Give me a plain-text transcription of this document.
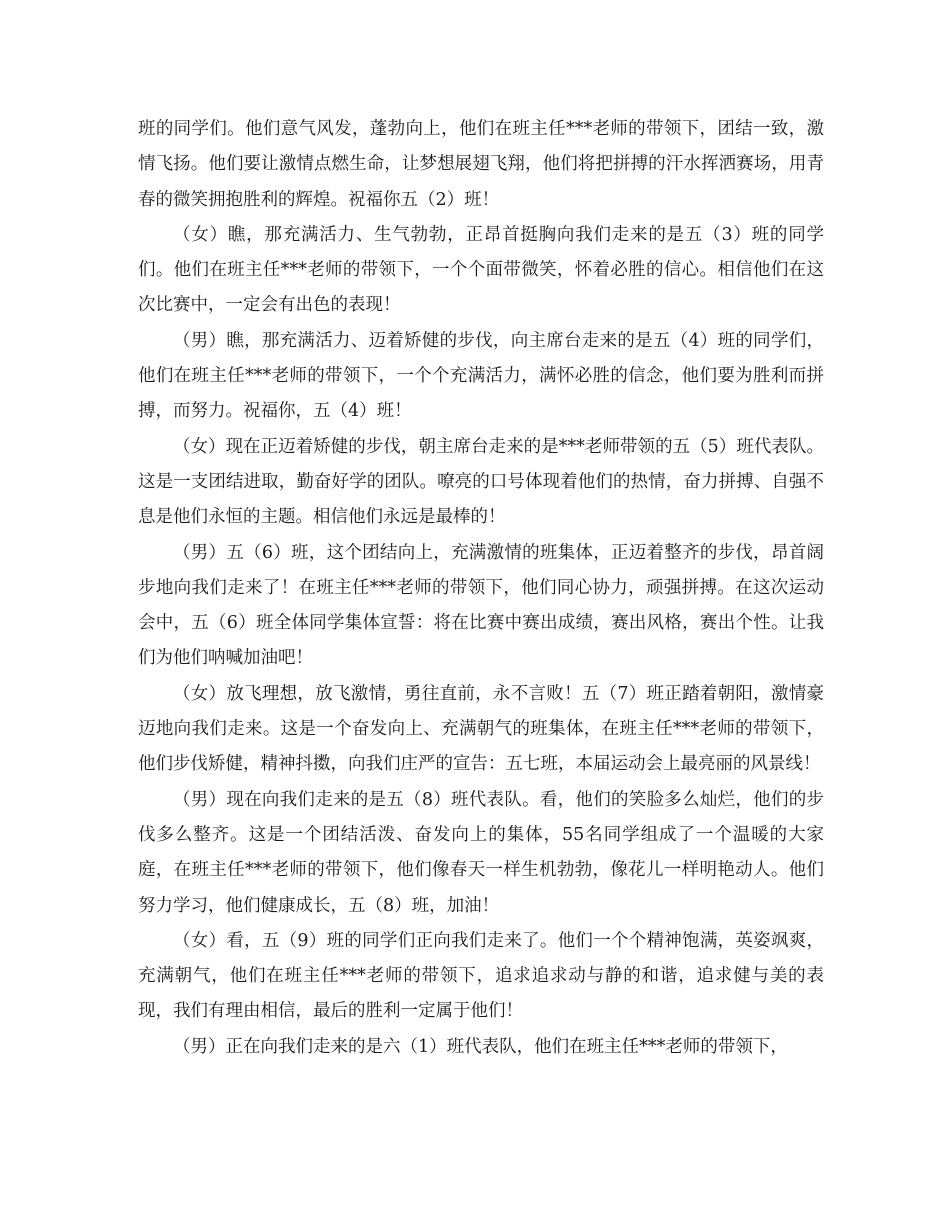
班的同学们。他们意气风发，蓬勃向上，他们在班主任***老师的带领下，团结一致，激情飞扬。他们要让激情点燃生命，让梦想展翅飞翔，他们将把拼搏的汗水挥洒赛场，用青春的微笑拥抱胜利的辉煌。祝福你五（2）班！

（女）瞧，那充满活力、生气勃勃，正昂首挺胸向我们走来的是五（3）班的同学们。他们在班主任***老师的带领下，一个个面带微笑，怀着必胜的信心。相信他们在这次比赛中，一定会有出色的表现！

（男）瞧，那充满活力、迈着矫健的步伐，向主席台走来的是五（4）班的同学们，他们在班主任***老师的带领下，一个个充满活力，满怀必胜的信念，他们要为胜利而拼搏，而努力。祝福你，五（4）班！

（女）现在正迈着矫健的步伐，朝主席台走来的是***老师带领的五（5）班代表队。这是一支团结进取，勤奋好学的团队。嘹亮的口号体现着他们的热情，奋力拼搏、自强不息是他们永恒的主题。相信他们永远是最棒的！

（男）五（6）班，这个团结向上，充满激情的班集体，正迈着整齐的步伐，昂首阔步地向我们走来了！在班主任***老师的带领下，他们同心协力，顽强拼搏。在这次运动会中，五（6）班全体同学集体宣誓：将在比赛中赛出成绩，赛出风格，赛出个性。让我们为他们呐喊加油吧！

（女）放飞理想，放飞激情，勇往直前，永不言败！五（7）班正踏着朝阳，激情豪迈地向我们走来。这是一个奋发向上、充满朝气的班集体，在班主任***老师的带领下，他们步伐矫健，精神抖擞，向我们庄严的宣告：五七班，本届运动会上最亮丽的风景线！

（男）现在向我们走来的是五（8）班代表队。看，他们的笑脸多么灿烂，他们的步伐多么整齐。这是一个团结活泼、奋发向上的集体，55名同学组成了一个温暖的大家庭，在班主任***老师的带领下，他们像春天一样生机勃勃，像花儿一样明艳动人。他们努力学习，他们健康成长，五（8）班，加油！

（女）看，五（9）班的同学们正向我们走来了。他们一个个精神饱满，英姿飒爽，充满朝气，他们在班主任***老师的带领下，追求追求动与静的和谐，追求健与美的表现，我们有理由相信，最后的胜利一定属于他们！

（男）正在向我们走来的是六（1）班代表队，他们在班主任***老师的带领下，
